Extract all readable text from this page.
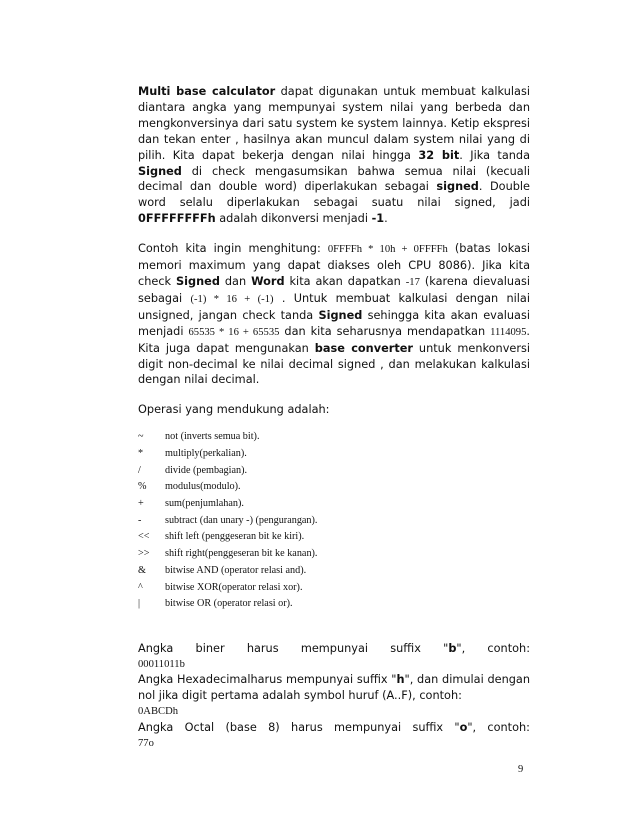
Multi base calculator dapat digunakan untuk membuat kalkulasi diantara angka yang mempunyai system nilai yang berbeda dan mengkonversinya dari satu system ke system lainnya. Ketip ekspresi dan tekan enter , hasilnya akan muncul dalam system nilai yang di pilih. Kita dapat bekerja dengan nilai hingga 32 bit. Jika tanda Signed di check mengasumsikan bahwa semua nilai (kecuali decimal dan double word) diperlakukan sebagai signed. Double word selalu diperlakukan sebagai suatu nilai signed, jadi 0FFFFFFFFh adalah dikonversi menjadi -1.

Contoh kita ingin menghitung: 0FFFFh * 10h + 0FFFFh (batas lokasi memori maximum yang dapat diakses oleh CPU 8086). Jika kita check Signed dan Word kita akan dapatkan -17 (karena dievaluasi sebagai (-1) * 16 + (-1) . Untuk membuat kalkulasi dengan nilai unsigned, jangan check tanda Signed sehingga kita akan evaluasi menjadi 65535 * 16 + 65535 dan kita seharusnya mendapatkan 1114095. Kita juga dapat mengunakan base converter untuk menkonversi digit non-decimal ke nilai decimal signed , dan melakukan kalkulasi dengan nilai decimal.

Operasi yang mendukung adalah:

~	not (inverts semua bit).
*	multiply(perkalian).
/	divide (pembagian).
%	modulus(modulo).
+	sum(penjumlahan).
-	subtract (dan unary -) (pengurangan).
<<	shift left (penggeseran bit ke kiri).
>>	shift right(penggeseran bit ke kanan).
&	bitwise AND (operator relasi and).
^	bitwise XOR(operator relasi xor).
|	bitwise OR (operator relasi or).

Angka biner harus mempunyai suffix "b", contoh:

00011011b

Angka Hexadecimalharus mempunyai suffix "h", dan dimulai dengan nol jika digit pertama adalah symbol huruf (A..F), contoh:

0ABCDh

Angka Octal (base 8) harus mempunyai suffix "o", contoh:

77o
9
